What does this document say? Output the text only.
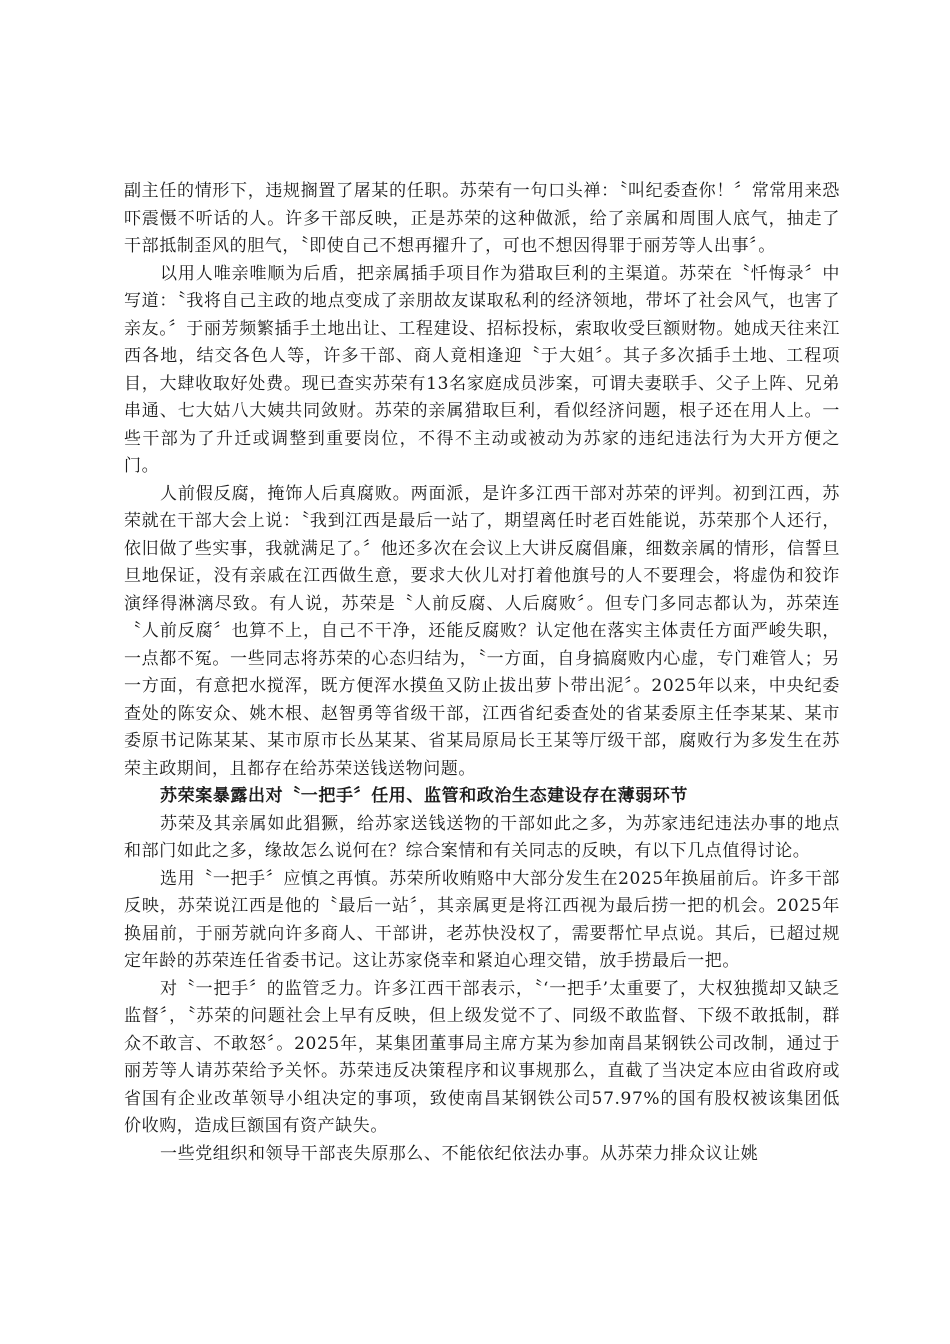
副主任的情形下，违规搁置了屠某的任职。苏荣有一句口头禅：〝叫纪委查你！〞常常用来恐吓震慑不听话的人。许多干部反映，正是苏荣的这种做派，给了亲属和周围人底气，抽走了干部抵制歪风的胆气，〝即使自己不想再擢升了，可也不想因得罪于丽芳等人出事〞。

以用人唯亲唯顺为后盾，把亲属插手项目作为猎取巨利的主渠道。苏荣在〝忏悔录〞中写道：〝我将自己主政的地点变成了亲朋故友谋取私利的经济领地，带坏了社会风气，也害了亲友。〞于丽芳频繁插手土地出让、工程建设、招标投标，索取收受巨额财物。她成天往来江西各地，结交各色人等，许多干部、商人竟相逢迎〝于大姐〞。其子多次插手土地、工程项目，大肆收取好处费。现已查实苏荣有13名家庭成员涉案，可谓夫妻联手、父子上阵、兄弟串通、七大姑八大姨共同敛财。苏荣的亲属猎取巨利，看似经济问题，根子还在用人上。一些干部为了升迁或调整到重要岗位，不得不主动或被动为苏家的违纪违法行为大开方便之门。

人前假反腐，掩饰人后真腐败。两面派，是许多江西干部对苏荣的评判。初到江西，苏荣就在干部大会上说：〝我到江西是最后一站了，期望离任时老百姓能说，苏荣那个人还行，依旧做了些实事，我就满足了。〞他还多次在会议上大讲反腐倡廉，细数亲属的情形，信誓旦旦地保证，没有亲戚在江西做生意，要求大伙儿对打着他旗号的人不要理会，将虚伪和狡诈演绎得淋漓尽致。有人说，苏荣是〝人前反腐、人后腐败〞。但专门多同志都认为，苏荣连〝人前反腐〞也算不上，自己不干净，还能反腐败？认定他在落实主体责任方面严峻失职，一点都不冤。一些同志将苏荣的心态归结为，〝一方面，自身搞腐败内心虚，专门难管人；另一方面，有意把水搅浑，既方便浑水摸鱼又防止拔出萝卜带出泥〞。2025年以来，中央纪委查处的陈安众、姚木根、赵智勇等省级干部，江西省纪委查处的省某委原主任李某某、某市委原书记陈某某、某市原市长丛某某、省某局原局长王某等厅级干部，腐败行为多发生在苏荣主政期间，且都存在给苏荣送钱送物问题。

苏荣案暴露出对〝一把手〞任用、监管和政治生态建设存在薄弱环节

苏荣及其亲属如此猖獗，给苏家送钱送物的干部如此之多，为苏家违纪违法办事的地点和部门如此之多，缘故怎么说何在？综合案情和有关同志的反映，有以下几点值得讨论。

选用〝一把手〞应慎之再慎。苏荣所收贿赂中大部分发生在2025年换届前后。许多干部反映，苏荣说江西是他的〝最后一站〞，其亲属更是将江西视为最后捞一把的机会。2025年换届前，于丽芳就向许多商人、干部讲，老苏快没权了，需要帮忙早点说。其后，已超过规定年龄的苏荣连任省委书记。这让苏家侥幸和紧迫心理交错，放手捞最后一把。

对〝一把手〞的监管乏力。许多江西干部表示，〝‘一把手’太重要了，大权独揽却又缺乏监督〞，〝苏荣的问题社会上早有反映，但上级发觉不了、同级不敢监督、下级不敢抵制，群众不敢言、不敢怒〞。2025年，某集团董事局主席方某为参加南昌某钢铁公司改制，通过于丽芳等人请苏荣给予关怀。苏荣违反决策程序和议事规那么，直截了当决定本应由省政府或省国有企业改革领导小组决定的事项，致使南昌某钢铁公司57.97%的国有股权被该集团低价收购，造成巨额国有资产缺失。

一些党组织和领导干部丧失原那么、不能依纪依法办事。从苏荣力排众议让姚
